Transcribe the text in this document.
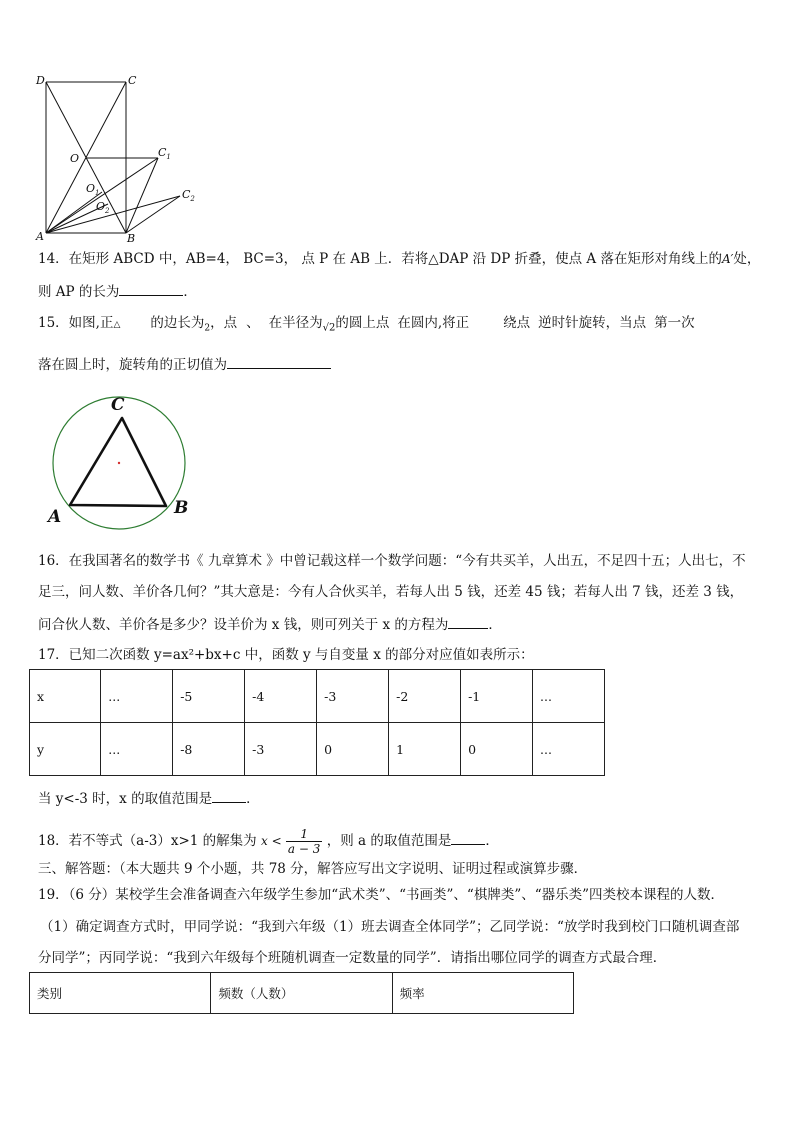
D	C
O	$C_1$
$O_1$
$O_2$
$C_2$
A	B
14．在矩形 ABCD 中，AB=4， BC=3， 点 P 在 AB 上．若将△DAP 沿 DP 折叠，使点 A 落在矩形对角线上的A′处，
则 AP 的长为	．
15．如图,正△ 的边长为$_2$，点 、 在半径为$_{√2}$的圆上点 在圆内,将正	绕点 逆时针旋转，当点 第一次
落在圆上时，旋转角的正切值为
C
A	B
16．在我国著名的数学书《 九章算术 》中曾记载这样一个数学问题：“今有共买羊，人出五，不足四十五；人出七，不
足三，问人数、羊价各几何？”其大意是：今有人合伙买羊，若每人出 5 钱，还差 45 钱；若每人出 7 钱，还差 3 钱，
问合伙人数、羊价各是多少？设羊价为 x 钱，则可列关于 x 的方程为	．
17．已知二次函数 y=ax²+bx+c 中，函数 y 与自变量 x 的部分对应值如表所示：
x	...	-5	-4	-3	-2	-1	...
y	...	-8	-3	0	1	0	...
当 y<-3 时，x 的取值范围是	．
18．若不等式（a-3）x>1 的解集为 $x < \frac{1}{a - 3}$ ，则 a 的取值范围是	．
三、解答题：（本大题共 9 个小题，共 78 分，解答应写出文字说明、证明过程或演算步骤．
19．（6 分）某校学生会准备调查六年级学生参加“武术类”、“书画类”、“棋牌类”、“器乐类”四类校本课程的人数．
（1）确定调查方式时，甲同学说：“我到六年级（1）班去调查全体同学”；乙同学说：“放学时我到校门口随机调查部
分同学”；丙同学说：“我到六年级每个班随机调查一定数量的同学”．请指出哪位同学的调查方式最合理．
类别	频数（人数）	频率
